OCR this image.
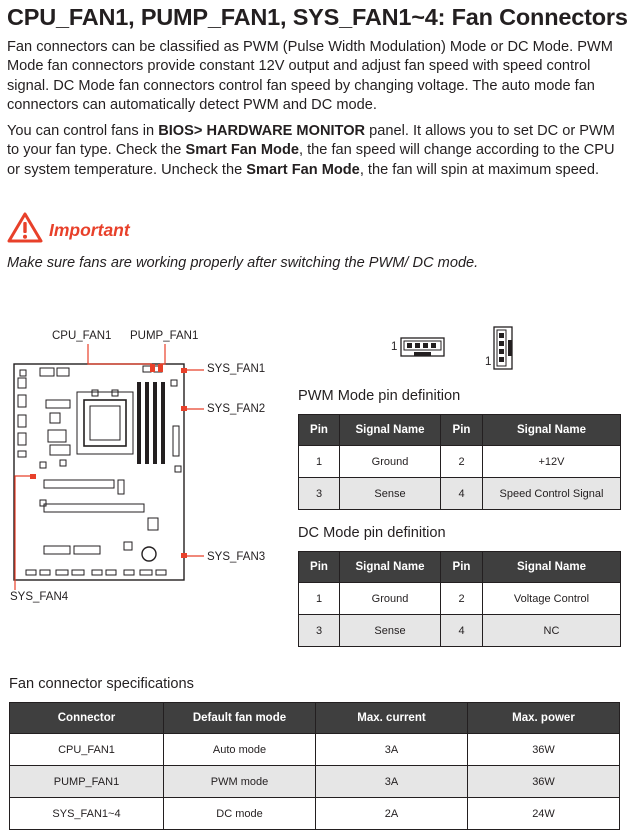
CPU_FAN1, PUMP_FAN1, SYS_FAN1~4: Fan Connectors
Fan connectors can be classified as PWM (Pulse Width Modulation) Mode or DC Mode. PWM Mode fan connectors provide constant 12V output and adjust fan speed with speed control signal. DC Mode fan connectors control fan speed by changing voltage. The auto mode fan connectors can automatically detect PWM and DC mode.
You can control fans in BIOS> HARDWARE MONITOR panel. It allows you to set DC or PWM to your fan type. Check the Smart Fan Mode, the fan speed will change according to the CPU or system temperature. Uncheck the Smart Fan Mode, the fan will spin at maximum speed.
Important
Make sure fans are working properly after switching the PWM/ DC mode.
CPU_FAN1 PUMP_FAN1
SYS_FAN1
SYS_FAN2
SYS_FAN3
SYS_FAN4
1
1
PWM Mode pin definition
Pin	Signal Name	Pin	Signal Name
1	Ground	2	+12V
3	Sense	4	Speed Control Signal
DC Mode pin definition
Pin	Signal Name	Pin	Signal Name
1	Ground	2	Voltage Control
3	Sense	4	NC
Fan connector specifications
Connector	Default fan mode	Max. current	Max. power
CPU_FAN1	Auto mode	3A	36W
PUMP_FAN1	PWM mode	3A	36W
SYS_FAN1~4	DC mode	2A	24W
